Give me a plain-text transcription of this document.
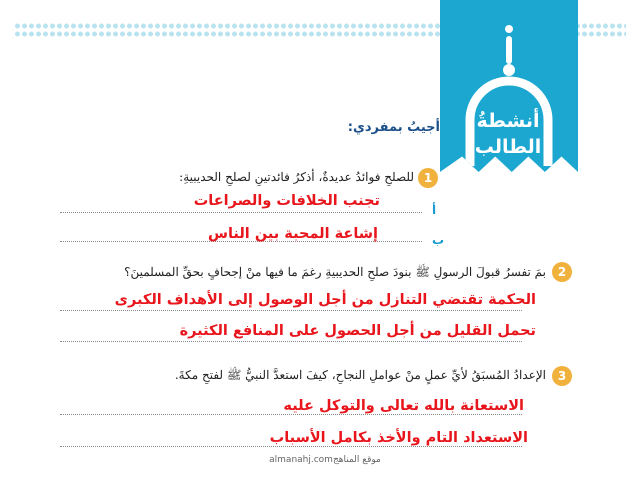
أنشطةُ
الطالب
أجيبُ بمفردي:
1
للصلحِ فوائدُ عديدةٌ، أذكرُ فائدتينِ لصلحِ الحديبيةِ:
أ
ب
تجنب الخلافات والصراعات
إشاعة المحبة بين الناس
2
بمَ تفسرُ قبولَ الرسولِ ﷺ بنودَ صلحِ الحديبيةِ رغمَ ما فيها منْ إجحافٍ بحقِّ المسلمينَ؟
الحكمة تقتضي التنازل من أجل الوصول إلى الأهداف الكبرى
تحمل القليل من أجل الحصول على المنافع الكثيرة
3
الإعدادُ المُسبَقُ لأيِّ عملٍ منْ عواملِ النجاحِ، كيفَ استعدَّ النبيُّ ﷺ لفتحِ مكةَ.
الاستعانة بالله تعالى والتوكل عليه
الاستعداد التام والأخذ بكامل الأسباب
almanahj.comموقع المناهج
